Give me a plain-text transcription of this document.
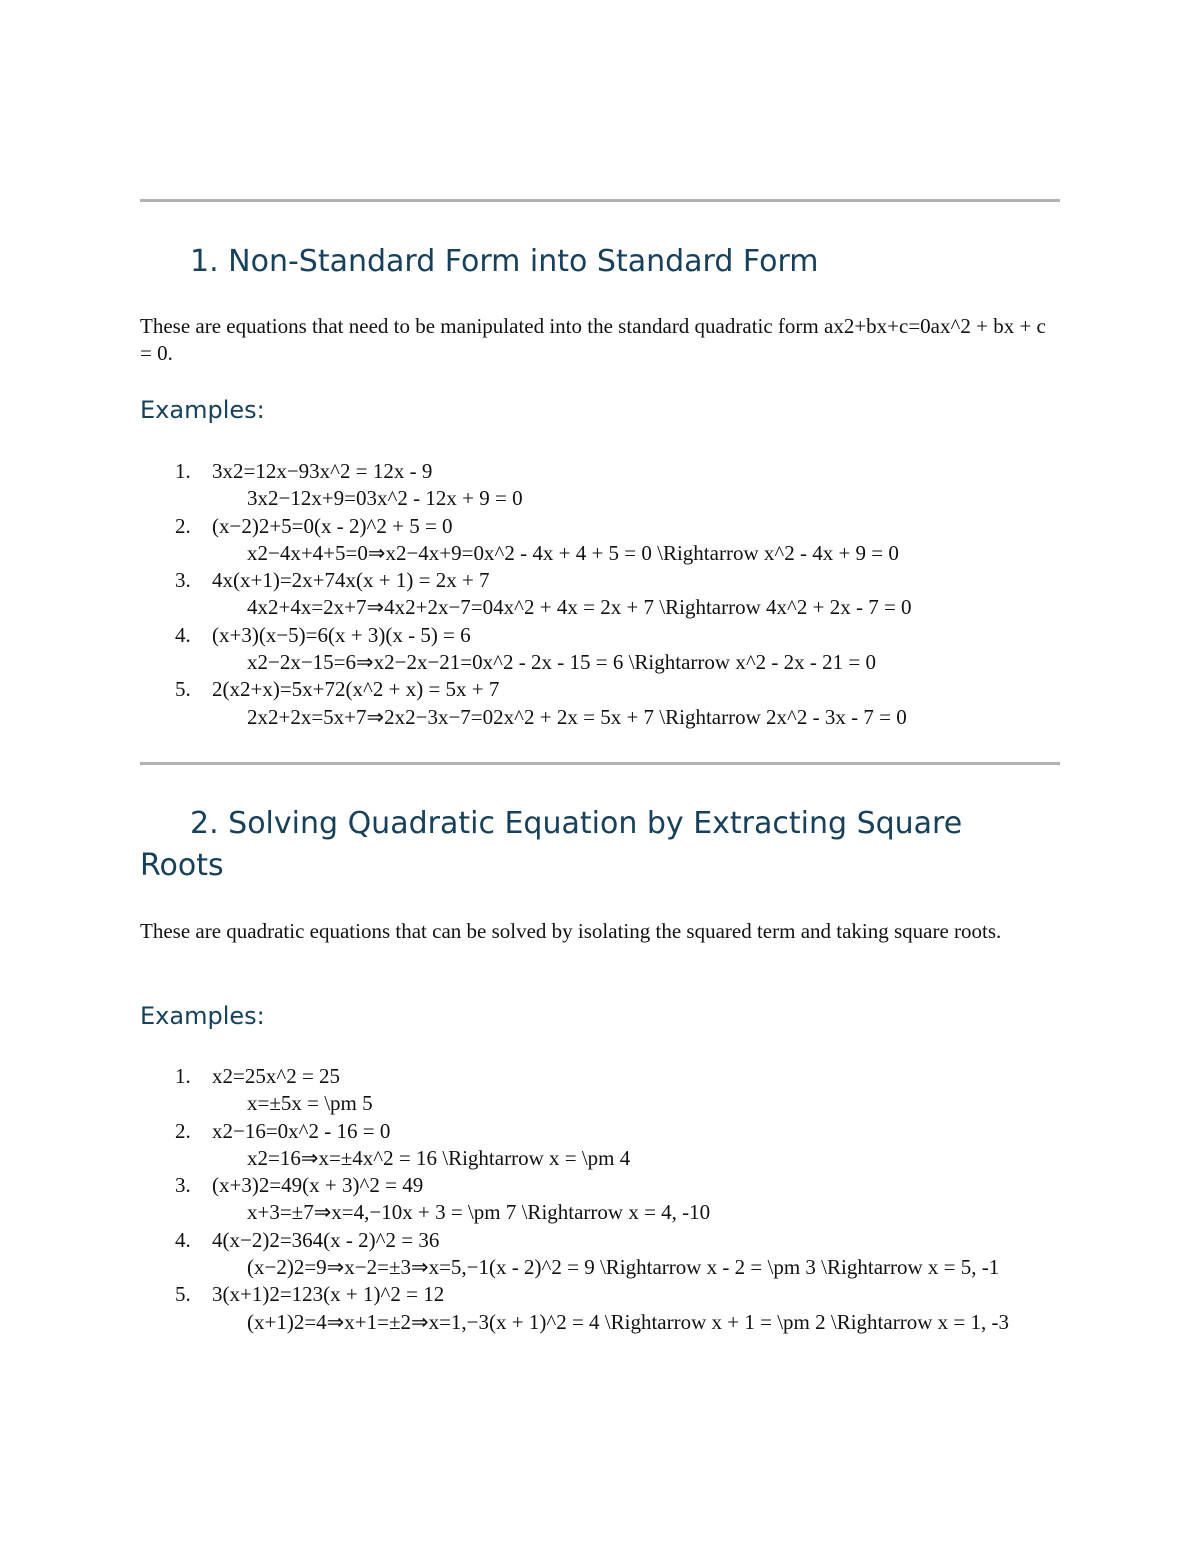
1. Non-Standard Form into Standard Form

These are equations that need to be manipulated into the standard quadratic form ax2+bx+c=0ax^2 + bx + c = 0.

Examples:
1. 3x2=12x−93x^2 = 12x - 9
3x2−12x+9=03x^2 - 12x + 9 = 0
2. (x−2)2+5=0(x - 2)^2 + 5 = 0
x2−4x+4+5=0⇒x2−4x+9=0x^2 - 4x + 4 + 5 = 0 \Rightarrow x^2 - 4x + 9 = 0
3. 4x(x+1)=2x+74x(x + 1) = 2x + 7
4x2+4x=2x+7⇒4x2+2x−7=04x^2 + 4x = 2x + 7 \Rightarrow 4x^2 + 2x - 7 = 0
4. (x+3)(x−5)=6(x + 3)(x - 5) = 6
x2−2x−15=6⇒x2−2x−21=0x^2 - 2x - 15 = 6 \Rightarrow x^2 - 2x - 21 = 0
5. 2(x2+x)=5x+72(x^2 + x) = 5x + 7
2x2+2x=5x+7⇒2x2−3x−7=02x^2 + 2x = 5x + 7 \Rightarrow 2x^2 - 3x - 7 = 0
2. Solving Quadratic Equation by Extracting Square Roots

These are quadratic equations that can be solved by isolating the squared term and taking square roots.

Examples:
1. x2=25x^2 = 25
x=±5x = \pm 5
2. x2−16=0x^2 - 16 = 0
x2=16⇒x=±4x^2 = 16 \Rightarrow x = \pm 4
3. (x+3)2=49(x + 3)^2 = 49
x+3=±7⇒x=4,−10x + 3 = \pm 7 \Rightarrow x = 4, -10
4. 4(x−2)2=364(x - 2)^2 = 36
(x−2)2=9⇒x−2=±3⇒x=5,−1(x - 2)^2 = 9 \Rightarrow x - 2 = \pm 3 \Rightarrow x = 5, -1
5. 3(x+1)2=123(x + 1)^2 = 12
(x+1)2=4⇒x+1=±2⇒x=1,−3(x + 1)^2 = 4 \Rightarrow x + 1 = \pm 2 \Rightarrow x = 1, -3
